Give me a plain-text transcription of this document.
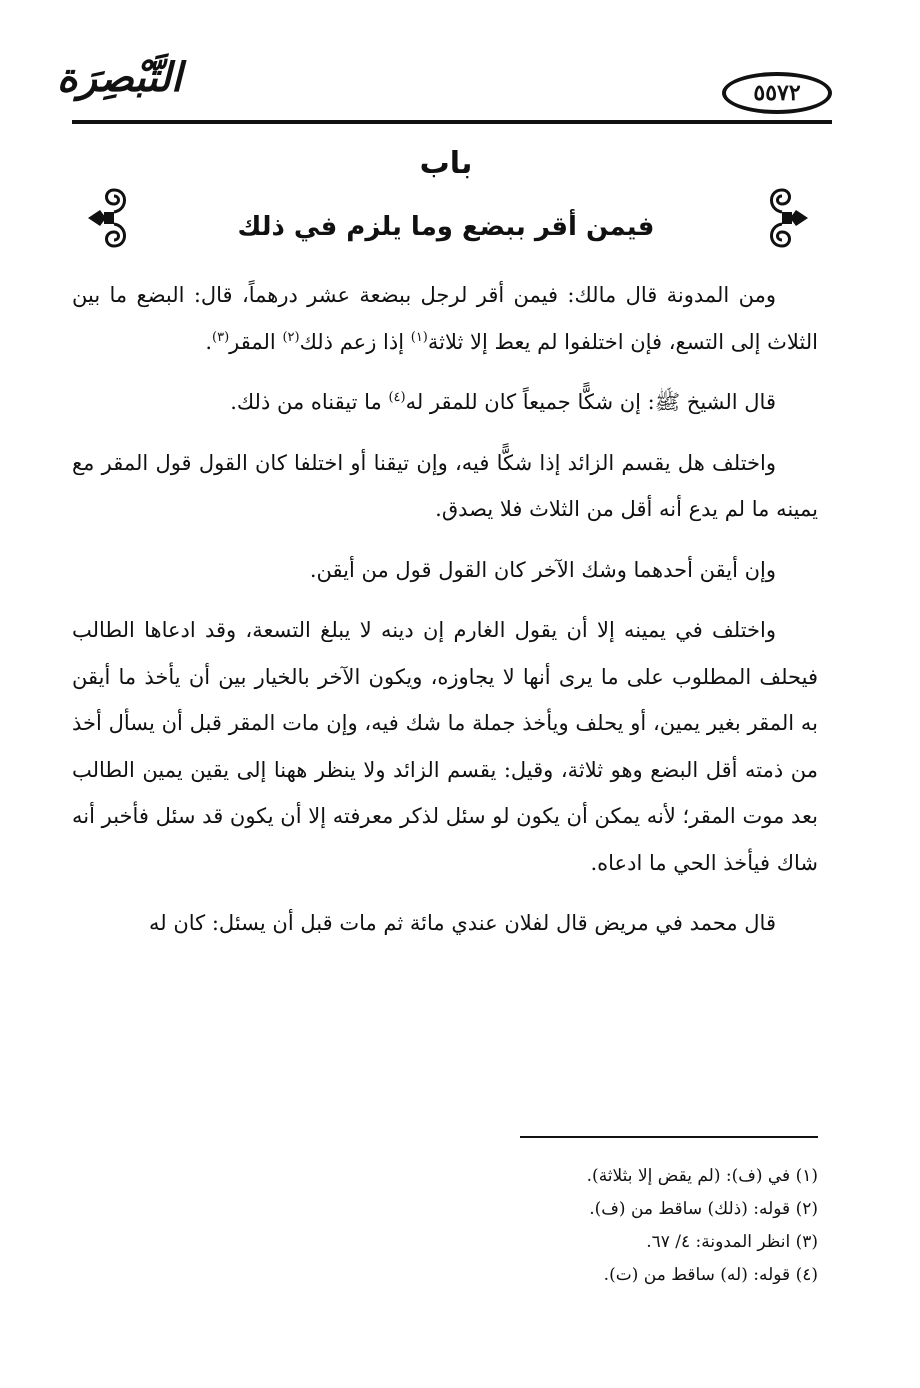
التَّبْصِرَة	٥٥٧٢
باب
فيمن أقر ببضع وما يلزم في ذلك

ومن المدونة قال مالك: فيمن أقر لرجل ببضعة عشر درهماً، قال: البضع ما بين الثلاث إلى التسع، فإن اختلفوا لم يعط إلا ثلاثة$^{(١)}$ إذا زعم ذلك$^{(٢)}$ المقر$^{(٣)}$.

قال الشيخ ﷺ: إن شكًّا جميعاً كان للمقر له$^{(٤)}$ ما تيقناه من ذلك.

واختلف هل يقسم الزائد إذا شكًّا فيه، وإن تيقنا أو اختلفا كان القول قول المقر مع يمينه ما لم يدع أنه أقل من الثلاث فلا يصدق.

وإن أيقن أحدهما وشك الآخر كان القول قول من أيقن.

واختلف في يمينه إلا أن يقول الغارم إن دينه لا يبلغ التسعة، وقد ادعاها الطالب فيحلف المطلوب على ما يرى أنها لا يجاوزه، ويكون الآخر بالخيار بين أن يأخذ ما أيقن به المقر بغير يمين، أو يحلف ويأخذ جملة ما شك فيه، وإن مات المقر قبل أن يسأل أخذ من ذمته أقل البضع وهو ثلاثة، وقيل: يقسم الزائد ولا ينظر ههنا إلى يقين يمين الطالب بعد موت المقر؛ لأنه يمكن أن يكون لو سئل لذكر معرفته إلا أن يكون قد سئل فأخبر أنه شاك فيأخذ الحي ما ادعاه.

قال محمد في مريض قال لفلان عندي مائة ثم مات قبل أن يسئل: كان له

(١) في (ف): (لم يقض إلا بثلاثة).

(٢) قوله: (ذلك) ساقط من (ف).

(٣) انظر المدونة: ٤/ ٦٧.

(٤) قوله: (له) ساقط من (ت).
